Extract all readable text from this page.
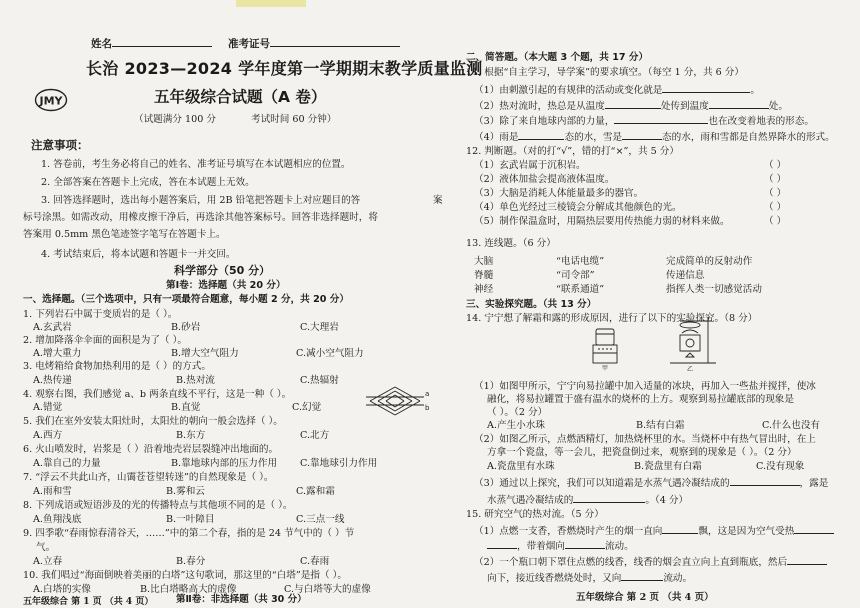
姓名	准考证号
长治 2023—2024 学年度第一学期期末教学质量监测
JMY	五年级综合试题（A 卷）
（试题满分 100 分	考试时间 60 分钟）
注意事项：
1. 答卷前，考生务必将自己的姓名、准考证号填写在本试题相应的位置。
2. 全部答案在答题卡上完成，答在本试题上无效。
3. 回答选择题时，选出每小题答案后，用 2B 铅笔把答题卡上对应题目的答	案
标号涂黑。如需改动，用橡皮擦干净后，再选涂其他答案标号。回答非选择题时，将
答案用 0.5mm 黑色笔迹签字笔写在答题卡上。
4. 考试结束后，将本试题和答题卡一并交回。
科学部分（50 分）
第Ⅰ卷：选择题（共 20 分）
一、选择题。（三个选项中，只有一项最符合题意，每小题 2 分，共 20 分）
1. 下列岩石中属于变质岩的是（ ）。
A.玄武岩	B.砂岩	C.大理岩
2. 增加降落伞伞面的面积是为了（ ）。
A.增大重力	B.增大空气阻力	C.减小空气阻力
3. 电烤箱给食物加热利用的是（ ）的方式。
A.热传递	B.热对流	C.热辐射
4. 观察右图，我们感觉 a、b 两条直线不平行，这是一种（ ）。	a
b
A.错觉	B.直觉	C.幻觉
5. 我们在室外安装太阳灶时，太阳灶的朝向一般会选择（ ）。
A.西方	B.东方	C.北方
6. 火山喷发时，岩浆是（ ）沿着地壳岩层裂缝冲出地面的。
A.靠自己的力量	B.靠地球内部的压力作用 C.靠地球引力作用
7. “浮云不共此山齐，山霭苍苍望转迷”的自然现象是（ ）。
A.雨和雪	B.雾和云	C.露和霜
8. 下列成语或短语涉及的光的传播特点与其他项不同的是（ ）。
A.鱼翔浅底	B.一叶障目	C.三点一线
9. 四季歌“春雨惊春清谷天，……”中的第二个春，指的是 24 节气中的（ ）节
气。
A.立春	B.春分	C.春雨
10. 我们唱过“海面倒映着美丽的白塔”这句歌词，那这里的“白塔”是指（ ）。
A.白塔的实像	B.比白塔略高大的虚像	C.与白塔等大的虚像
第Ⅱ卷：非选择题（共 30 分）
二、简答题。（本大题 3 个题，共 17 分）
11. 根据“自主学习，导学案”的要求填空。（每空 1 分，共 6 分）
（1）由刺激引起的有规律的活动或变化就是	。
（2）热对流时，热总是从温度	处传到温度	处。
（3）除了来自地球内部的力量，	也在改变着地表的形态。
（4）雨是	态的水，雪是	态的水，雨和雪都是自然界降水的形式。
12. 判断题。（对的打“√”，错的打“×”，共 5 分）
（1）玄武岩属于沉积岩。	（ ）
（2）液体加盐会提高液体温度。	（ ）
（3）大脑是消耗人体能量最多的器官。	（ ）
（4）单色光经过三棱镜会分解成其他颜色的光。	（ ）
（5）制作保温盒时，用隔热层要用传热能力弱的材料来做。	（ ）
13. 连线题。（6 分）
大脑	“电话电缆”	完成简单的反射动作
脊髓	“司令部”	传递信息
神经	“联系通道”	指挥人类一切感觉活动
三、实验探究题。（共 13 分）
14. 宁宁想了解霜和露的形成原因，进行了以下的实验探究。（8 分）
甲	乙
（1）如图甲所示，宁宁向易拉罐中加入适量的冰块，再加入一些盐并搅拌，使冰
融化，将易拉罐置于盛有温水的烧杯的上方。观察到易拉罐底部的现象是
（ ）。（2 分）
A.产生小水珠	B.结有白霜	C.什么也没有
（2）如图乙所示，点燃酒精灯，加热烧杯里的水。当烧杯中有热气冒出时，在上
方拿一个瓷盘，等一会儿，把瓷盘倒过来，观察到的现象是（ ）。（2 分）
A.瓷盘里有水珠	B.瓷盘里有白霜	C.没有现象
（3）通过以上探究，我们可以知道霜是水蒸气遇冷凝结成的	，露是
水蒸气遇冷凝结成的	。（4 分）
15. 研究空气的热对流。（5 分）
（1）点燃一支香，香燃烧时产生的烟一直向	飘，这是因为空气受热
，带着烟向	流动。
（2）一个瓶口朝下罩住点燃的线香，线香的烟会直立向上直到瓶底，然后
向下，接近线香燃烧处时，又向	流动。
五年级综合 第 2 页 （共 4 页）
五年级综合 第 1 页 （共 4 页）
